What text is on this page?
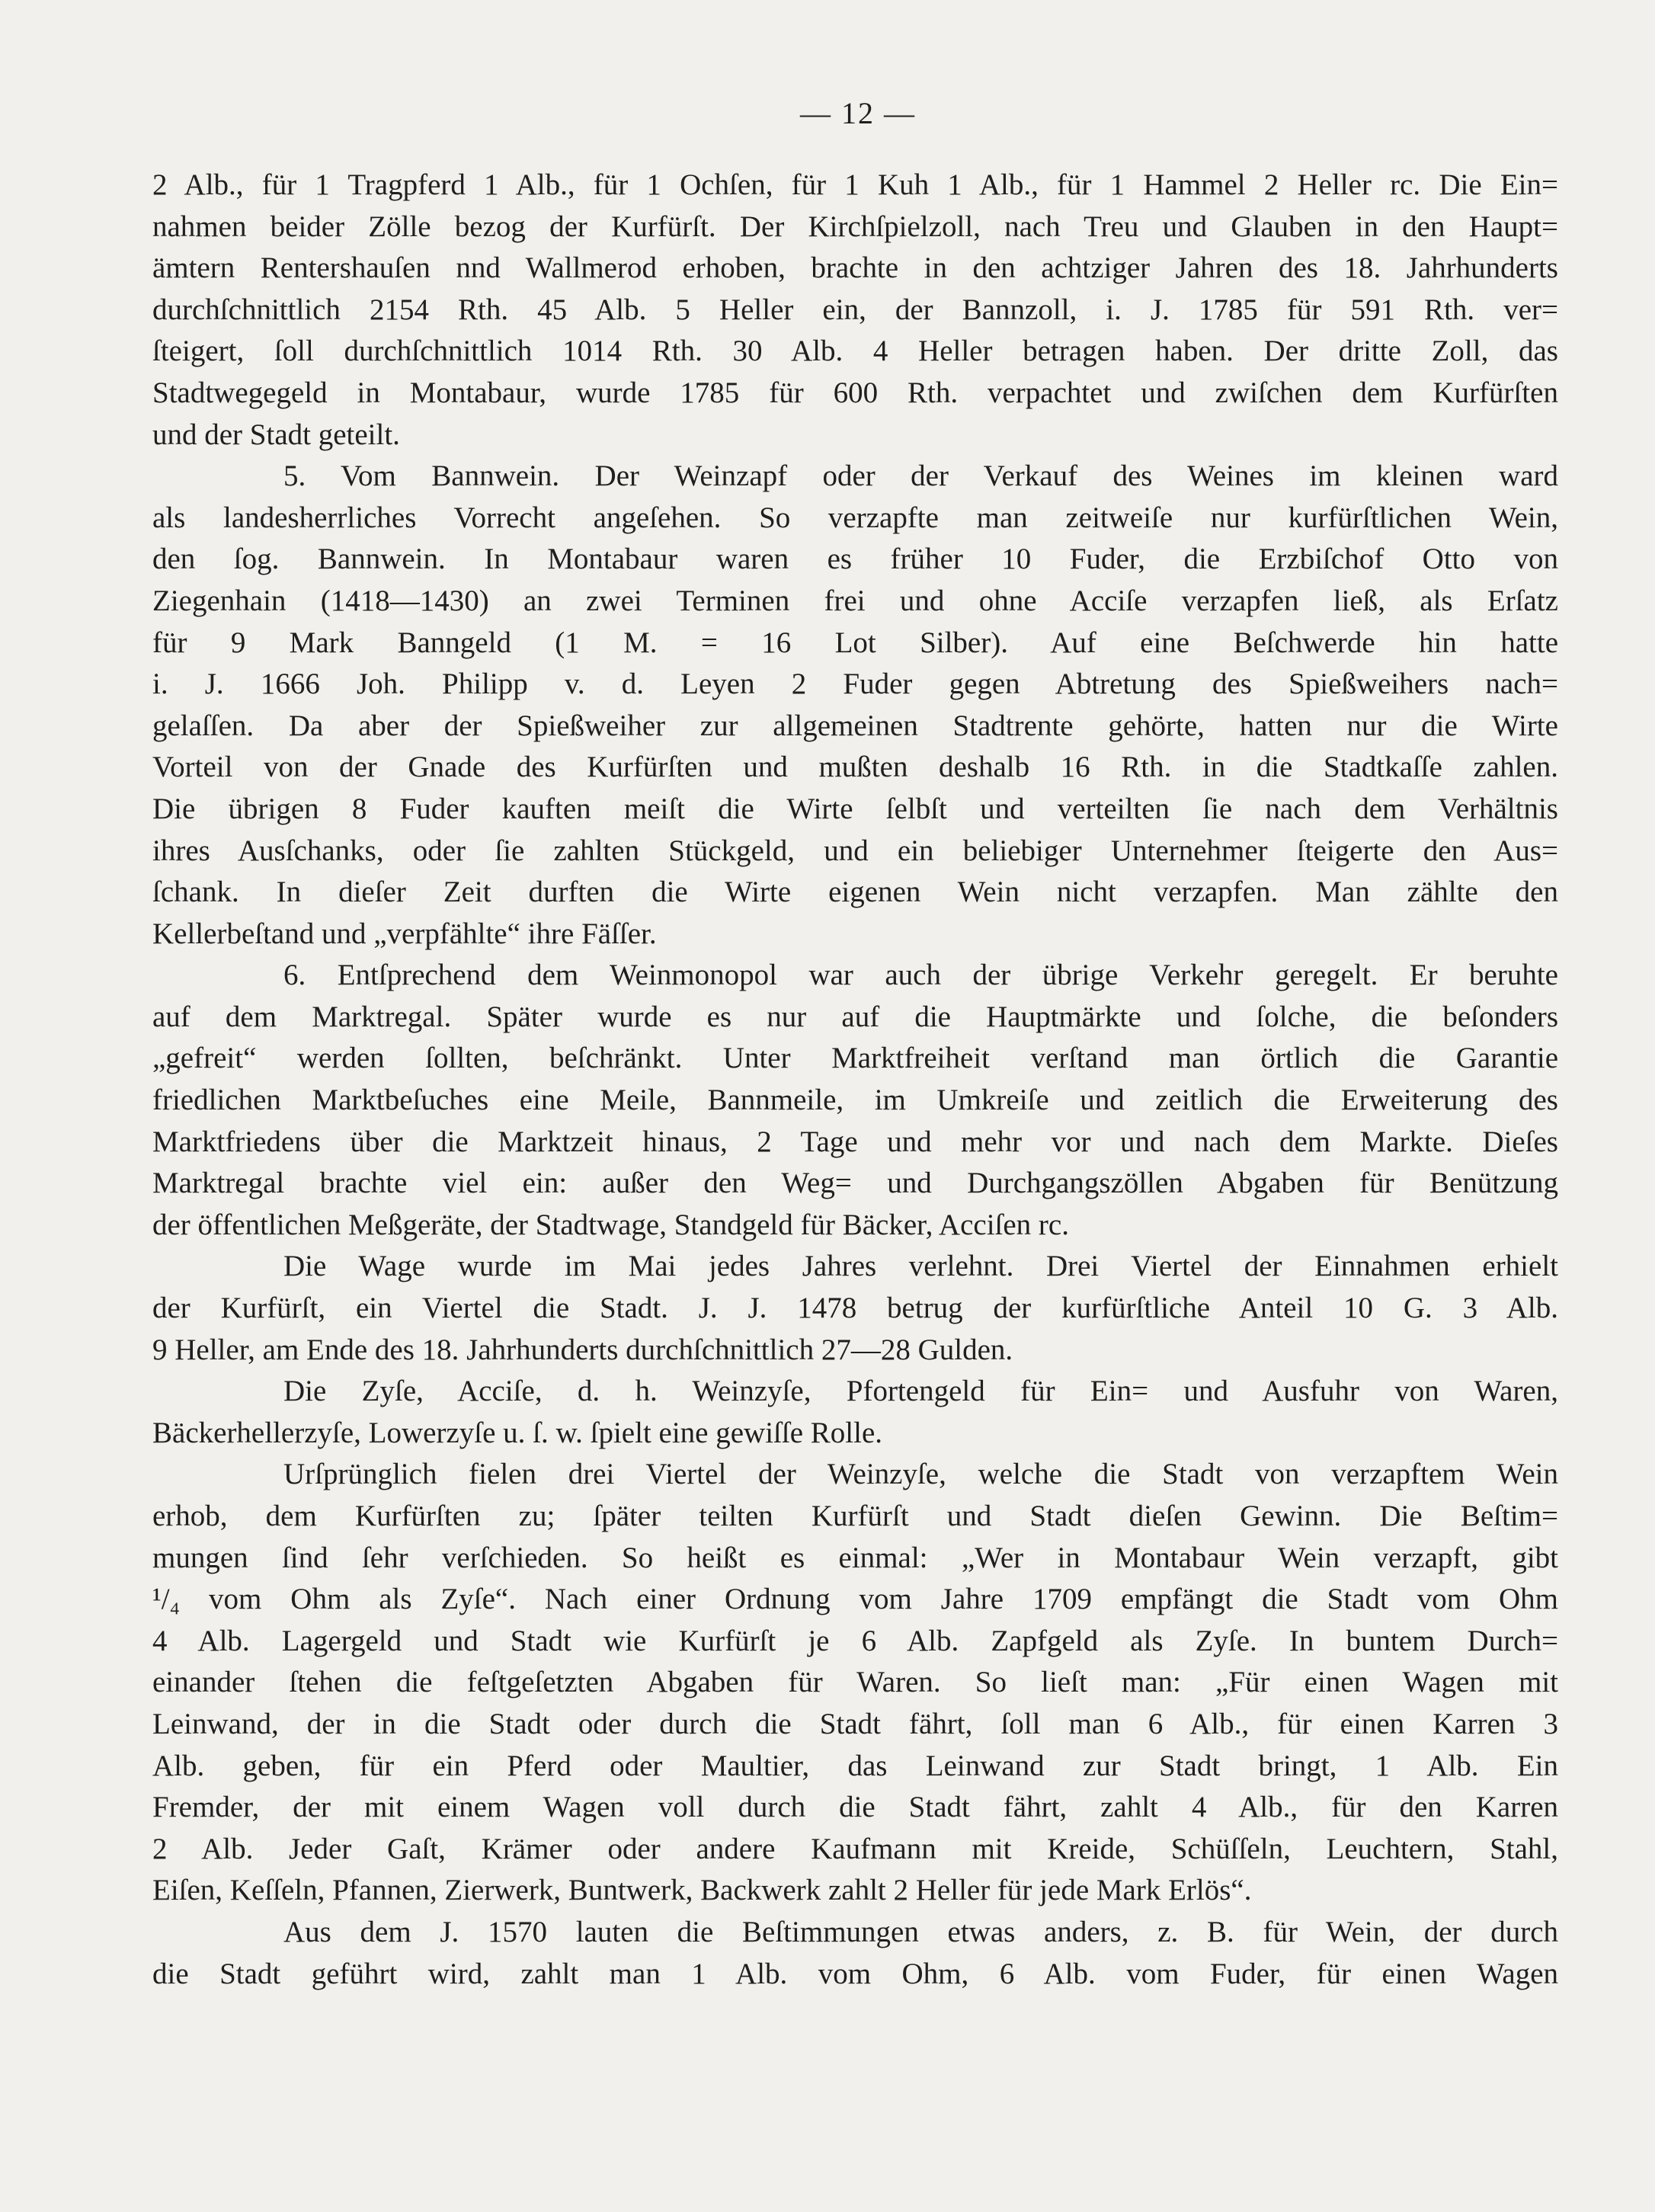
— 12 —
2 Alb., für 1 Tragpferd 1 Alb., für 1 Ochſen, für 1 Kuh 1 Alb., für 1 Hammel 2 Heller rc. Die Ein=
nahmen beider Zölle bezog der Kurfürſt. Der Kirchſpielzoll, nach Treu und Glauben in den Haupt=
ämtern Rentershauſen nnd Wallmerod erhoben, brachte in den achtziger Jahren des 18. Jahrhunderts
durchſchnittlich 2154 Rth. 45 Alb. 5 Heller ein, der Bannzoll, i. J. 1785 für 591 Rth. ver=
ſteigert, ſoll durchſchnittlich 1014 Rth. 30 Alb. 4 Heller betragen haben. Der dritte Zoll, das
Stadtwegegeld in Montabaur, wurde 1785 für 600 Rth. verpachtet und zwiſchen dem Kurfürſten
und der Stadt geteilt.
5. Vom Bannwein. Der Weinzapf oder der Verkauf des Weines im kleinen ward
als landesherrliches Vorrecht angeſehen. So verzapfte man zeitweiſe nur kurfürſtlichen Wein,
den ſog. Bannwein. In Montabaur waren es früher 10 Fuder, die Erzbiſchof Otto von
Ziegenhain (1418—1430) an zwei Terminen frei und ohne Acciſe verzapfen ließ, als Erſatz
für 9 Mark Banngeld (1 M. = 16 Lot Silber). Auf eine Beſchwerde hin hatte
i. J. 1666 Joh. Philipp v. d. Leyen 2 Fuder gegen Abtretung des Spießweihers nach=
gelaſſen. Da aber der Spießweiher zur allgemeinen Stadtrente gehörte, hatten nur die Wirte
Vorteil von der Gnade des Kurfürſten und mußten deshalb 16 Rth. in die Stadtkaſſe zahlen.
Die übrigen 8 Fuder kauften meiſt die Wirte ſelbſt und verteilten ſie nach dem Verhältnis
ihres Ausſchanks, oder ſie zahlten Stückgeld, und ein beliebiger Unternehmer ſteigerte den Aus=
ſchank. In dieſer Zeit durften die Wirte eigenen Wein nicht verzapfen. Man zählte den
Kellerbeſtand und „verpfählte“ ihre Fäſſer.
6. Entſprechend dem Weinmonopol war auch der übrige Verkehr geregelt. Er beruhte
auf dem Marktregal. Später wurde es nur auf die Hauptmärkte und ſolche, die beſonders
„gefreit“ werden ſollten, beſchränkt. Unter Marktfreiheit verſtand man örtlich die Garantie
friedlichen Marktbeſuches eine Meile, Bannmeile, im Umkreiſe und zeitlich die Erweiterung des
Marktfriedens über die Marktzeit hinaus, 2 Tage und mehr vor und nach dem Markte. Dieſes
Marktregal brachte viel ein: außer den Weg= und Durchgangszöllen Abgaben für Benützung
der öffentlichen Meßgeräte, der Stadtwage, Standgeld für Bäcker, Acciſen rc.
Die Wage wurde im Mai jedes Jahres verlehnt. Drei Viertel der Einnahmen erhielt
der Kurfürſt, ein Viertel die Stadt. J. J. 1478 betrug der kurfürſtliche Anteil 10 G. 3 Alb.
9 Heller, am Ende des 18. Jahrhunderts durchſchnittlich 27—28 Gulden.
Die Zyſe, Acciſe, d. h. Weinzyſe, Pfortengeld für Ein= und Ausfuhr von Waren,
Bäckerhellerzyſe, Lowerzyſe u. ſ. w. ſpielt eine gewiſſe Rolle.
Urſprünglich fielen drei Viertel der Weinzyſe, welche die Stadt von verzapftem Wein
erhob, dem Kurfürſten zu; ſpäter teilten Kurfürſt und Stadt dieſen Gewinn. Die Beſtim=
mungen ſind ſehr verſchieden. So heißt es einmal: „Wer in Montabaur Wein verzapft, gibt
¹/₄ vom Ohm als Zyſe“. Nach einer Ordnung vom Jahre 1709 empfängt die Stadt vom Ohm
4 Alb. Lagergeld und Stadt wie Kurfürſt je 6 Alb. Zapfgeld als Zyſe. In buntem Durch=
einander ſtehen die feſtgeſetzten Abgaben für Waren. So lieſt man: „Für einen Wagen mit
Leinwand, der in die Stadt oder durch die Stadt fährt, ſoll man 6 Alb., für einen Karren 3
Alb. geben, für ein Pferd oder Maultier, das Leinwand zur Stadt bringt, 1 Alb. Ein
Fremder, der mit einem Wagen voll durch die Stadt fährt, zahlt 4 Alb., für den Karren
2 Alb. Jeder Gaſt, Krämer oder andere Kaufmann mit Kreide, Schüſſeln, Leuchtern, Stahl,
Eiſen, Keſſeln, Pfannen, Zierwerk, Buntwerk, Backwerk zahlt 2 Heller für jede Mark Erlös“.
Aus dem J. 1570 lauten die Beſtimmungen etwas anders, z. B. für Wein, der durch
die Stadt geführt wird, zahlt man 1 Alb. vom Ohm, 6 Alb. vom Fuder, für einen Wagen
